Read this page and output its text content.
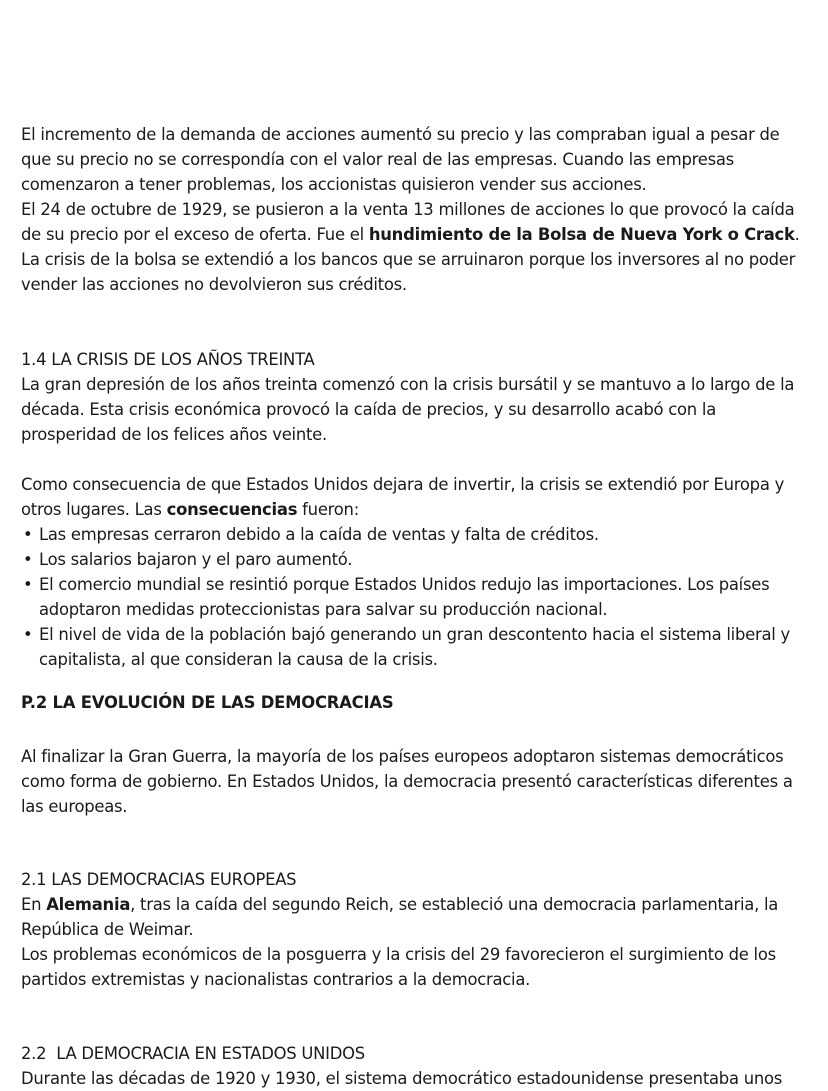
El incremento de la demanda de acciones aumentó su precio y las compraban igual a pesar de que su precio no se correspondía con el valor real de las empresas. Cuando las empresas comenzaron a tener problemas, los accionistas quisieron vender sus acciones.

El 24 de octubre de 1929, se pusieron a la venta 13 millones de acciones lo que provocó la caída de su precio por el exceso de oferta. Fue el hundimiento de la Bolsa de Nueva York o Crack.

La crisis de la bolsa se extendió a los bancos que se arruinaron porque los inversores al no poder vender las acciones no devolvieron sus créditos.

1.4 LA CRISIS DE LOS AÑOS TREINTA

La gran depresión de los años treinta comenzó con la crisis bursátil y se mantuvo a lo largo de la década. Esta crisis económica provocó la caída de precios, y su desarrollo acabó con la prosperidad de los felices años veinte.

Como consecuencia de que Estados Unidos dejara de invertir, la crisis se extendió por Europa y otros lugares. Las consecuencias fueron:

• Las empresas cerraron debido a la caída de ventas y falta de créditos.
• Los salarios bajaron y el paro aumentó.
• El comercio mundial se resintió porque Estados Unidos redujo las importaciones. Los países adoptaron medidas proteccionistas para salvar su producción nacional.
• El nivel de vida de la población bajó generando un gran descontento hacia el sistema liberal y capitalista, al que consideran la causa de la crisis.

P.2 LA EVOLUCIÓN DE LAS DEMOCRACIAS

Al finalizar la Gran Guerra, la mayoría de los países europeos adoptaron sistemas democráticos como forma de gobierno. En Estados Unidos, la democracia presentó características diferentes a las europeas.

2.1 LAS DEMOCRACIAS EUROPEAS

En Alemania, tras la caída del segundo Reich, se estableció una democracia parlamentaria, la República de Weimar.

Los problemas económicos de la posguerra y la crisis del 29 favorecieron el surgimiento de los partidos extremistas y nacionalistas contrarios a la democracia.

2.2  LA DEMOCRACIA EN ESTADOS UNIDOS

Durante las décadas de 1920 y 1930, el sistema democrático estadounidense presentaba unos
